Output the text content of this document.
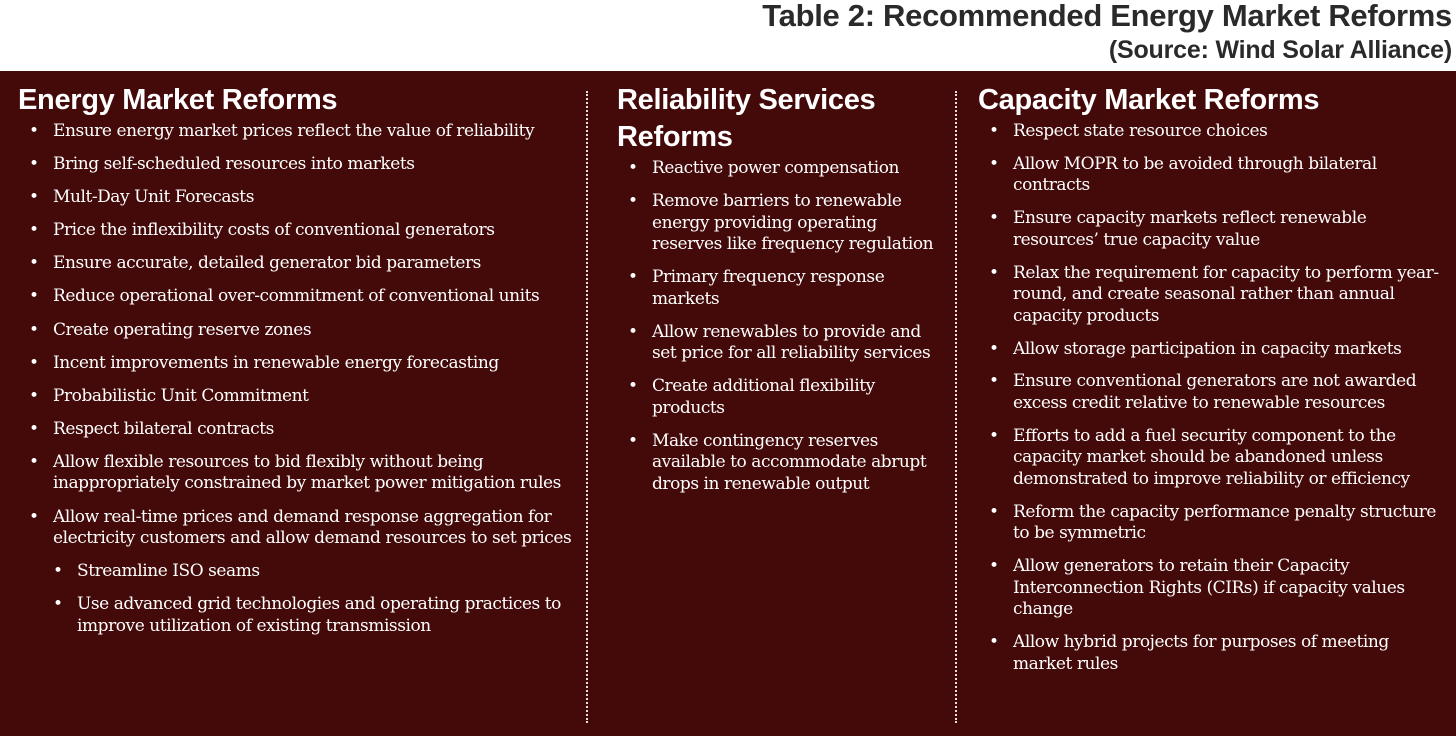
Table 2: Recommended Energy Market Reforms
(Source: Wind Solar Alliance)
Energy Market Reforms
• Ensure energy market prices reflect the value of reliability
• Bring self-scheduled resources into markets
• Mult-Day Unit Forecasts
• Price the inflexibility costs of conventional generators
• Ensure accurate, detailed generator bid parameters
• Reduce operational over-commitment of conventional units
• Create operating reserve zones
• Incent improvements in renewable energy forecasting
• Probabilistic Unit Commitment
• Respect bilateral contracts
• Allow flexible resources to bid flexibly without being inappropriately constrained by market power mitigation rules
• Allow real-time prices and demand response aggregation for electricity customers and allow demand resources to set prices
• Streamline ISO seams
• Use advanced grid technologies and operating practices to improve utilization of existing transmission
Reliability Services Reforms
• Reactive power compensation
• Remove barriers to renewable energy providing operating reserves like frequency regulation
• Primary frequency response markets
• Allow renewables to provide and set price for all reliability services
• Create additional flexibility products
• Make contingency reserves available to accommodate abrupt drops in renewable output
Capacity Market Reforms
• Respect state resource choices
• Allow MOPR to be avoided through bilateral contracts
• Ensure capacity markets reflect renewable resources’ true capacity value
• Relax the requirement for capacity to perform year-round, and create seasonal rather than annual capacity products
• Allow storage participation in capacity markets
• Ensure conventional generators are not awarded excess credit relative to renewable resources
• Efforts to add a fuel security component to the capacity market should be abandoned unless demonstrated to improve reliability or efficiency
• Reform the capacity performance penalty structure to be symmetric
• Allow generators to retain their Capacity Interconnection Rights (CIRs) if capacity values change
• Allow hybrid projects for purposes of meeting market rules
